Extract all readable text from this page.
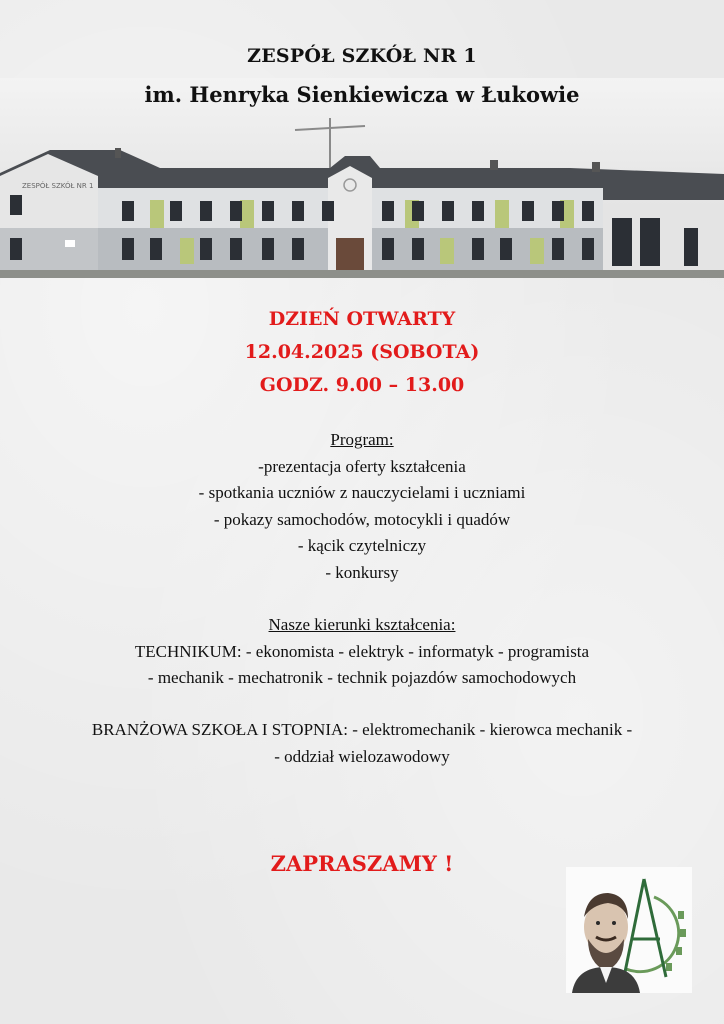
ZESPÓŁ SZKÓŁ NR 1
ZESPÓŁ SZKÓŁ NR 1
im. Henryka Sienkiewicza w Łukowie
DZIEŃ OTWARTY
12.04.2025 (SOBOTA)
GODZ. 9.00 – 13.00
Program:
-prezentacja oferty kształcenia
- spotkania uczniów z nauczycielami i uczniami
- pokazy samochodów, motocykli i quadów
- kącik czytelniczy
- konkursy
Nasze kierunki kształcenia:
TECHNIKUM: - ekonomista - elektryk - informatyk - programista
- mechanik - mechatronik - technik pojazdów samochodowych
BRANŻOWA SZKOŁA I STOPNIA: - elektromechanik - kierowca mechanik -
- oddział wielozawodowy
ZAPRASZAMY !
